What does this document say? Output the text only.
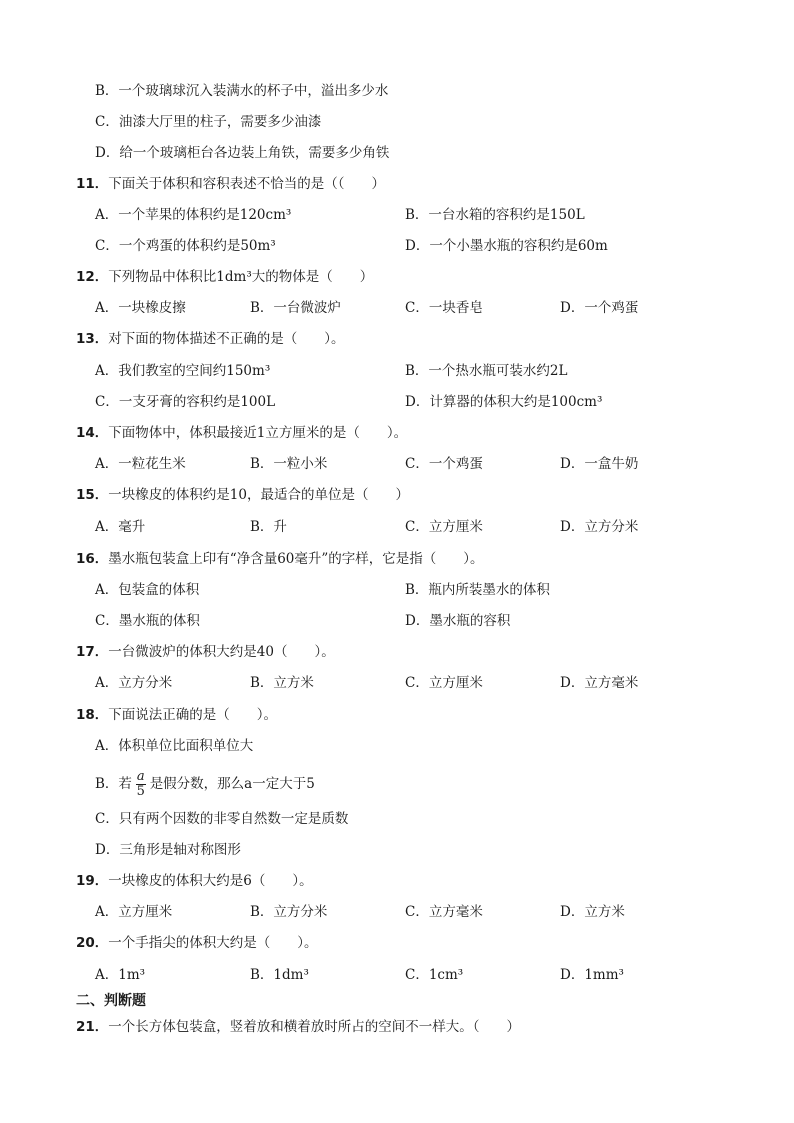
B．一个玻璃球沉入装满水的杯子中，溢出多少水
C．油漆大厅里的柱子，需要多少油漆
D．给一个玻璃柜台各边装上角铁，需要多少角铁
11．下面关于体积和容积表述不恰当的是（（　　）
A．一个苹果的体积约是120cm³	B．一台水箱的容积约是150L
C．一个鸡蛋的体积约是50m³	D．一个小墨水瓶的容积约是60m
12．下列物品中体积比1dm³大的物体是（　　）
A．一块橡皮擦	B．一台微波炉	C．一块香皂	D．一个鸡蛋
13．对下面的物体描述不正确的是（　　）。
A．我们教室的空间约150m³	B．一个热水瓶可装水约2L
C．一支牙膏的容积约是100L	D．计算器的体积大约是100cm³
14．下面物体中，体积最接近1立方厘米的是（　　）。
A．一粒花生米	B．一粒小米	C．一个鸡蛋	D．一盒牛奶
15．一块橡皮的体积约是10，最适合的单位是（　　）
A．毫升	B．升	C．立方厘米	D．立方分米
16．墨水瓶包装盒上印有“净含量60毫升”的字样，它是指（　　）。
A．包装盒的体积	B．瓶内所装墨水的体积
C．墨水瓶的体积	D．墨水瓶的容积
17．一台微波炉的体积大约是40（　　）。
A．立方分米	B．立方米	C．立方厘米	D．立方毫米
18．下面说法正确的是（　　）。
A．体积单位比面积单位大
B．若 $\frac{a}{5}$ 是假分数，那么a一定大于5
C．只有两个因数的非零自然数一定是质数
D．三角形是轴对称图形
19．一块橡皮的体积大约是6（　　）。
A．立方厘米	B．立方分米	C．立方毫米	D．立方米
20．一个手指尖的体积大约是（　　）。
A．1m³	B．1dm³	C．1cm³	D．1mm³
二、判断题
21．一个长方体包装盒，竖着放和横着放时所占的空间不一样大。（　　）
